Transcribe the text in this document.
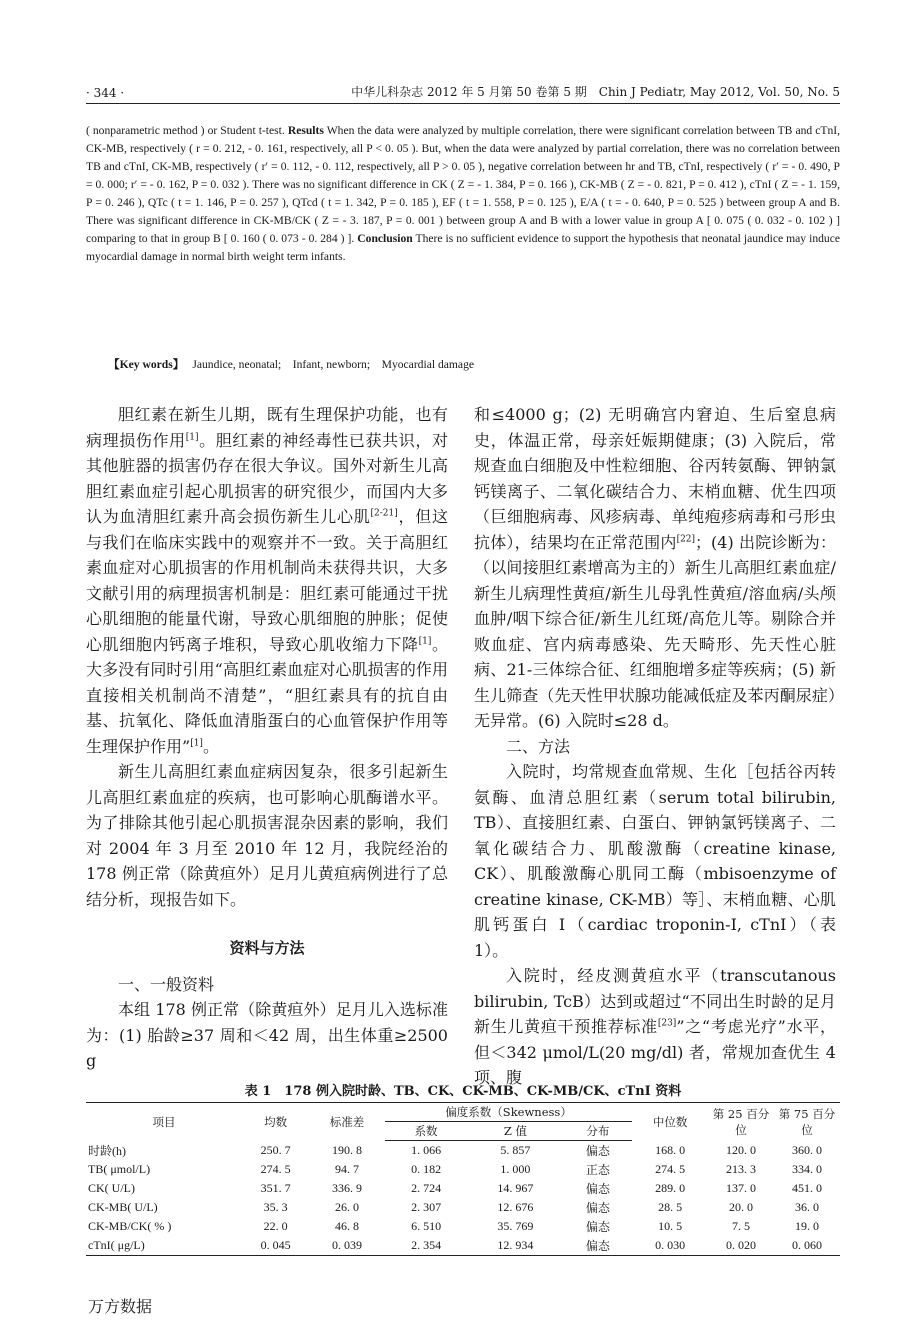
· 344 ·	中华儿科杂志 2012 年 5 月第 50 卷第 5 期　Chin J Pediatr, May 2012, Vol. 50, No. 5
( nonparametric method ) or Student t-test. Results When the data were analyzed by multiple correlation, there were significant correlation between TB and cTnI, CK-MB, respectively ( r = 0. 212, - 0. 161, respectively, all P < 0. 05 ). But, when the data were analyzed by partial correlation, there was no correlation between TB and cTnI, CK-MB, respectively ( r′ = 0. 112, - 0. 112, respectively, all P > 0. 05 ), negative correlation between hr and TB, cTnI, respectively ( r′ = - 0. 490, P = 0. 000; r′ = - 0. 162, P = 0. 032 ). There was no significant difference in CK ( Z = - 1. 384, P = 0. 166 ), CK-MB ( Z = - 0. 821, P = 0. 412 ), cTnI ( Z = - 1. 159, P = 0. 246 ), QTc ( t = 1. 146, P = 0. 257 ), QTcd ( t = 1. 342, P = 0. 185 ), EF ( t = 1. 558, P = 0. 125 ), E/A ( t = - 0. 640, P = 0. 525 ) between group A and B. There was significant difference in CK-MB/CK ( Z = - 3. 187, P = 0. 001 ) between group A and B with a lower value in group A [ 0. 075 ( 0. 032 - 0. 102 ) ] comparing to that in group B [ 0. 160 ( 0. 073 - 0. 284 ) ]. Conclusion There is no sufficient evidence to support the hypothesis that neonatal jaundice may induce myocardial damage in normal birth weight term infants.
【Key words】 Jaundice, neonatal;　Infant, newborn;　Myocardial damage

胆红素在新生儿期，既有生理保护功能，也有病理损伤作用[1]。胆红素的神经毒性已获共识，对其他脏器的损害仍存在很大争议。国外对新生儿高胆红素血症引起心肌损害的研究很少，而国内大多认为血清胆红素升高会损伤新生儿心肌[2-21]，但这与我们在临床实践中的观察并不一致。关于高胆红素血症对心肌损害的作用机制尚未获得共识，大多文献引用的病理损害机制是：胆红素可能通过干扰心肌细胞的能量代谢，导致心肌细胞的肿胀；促使心肌细胞内钙离子堆积，导致心肌收缩力下降[1]。大多没有同时引用“高胆红素血症对心肌损害的作用直接相关机制尚不清楚”，“胆红素具有的抗自由基、抗氧化、降低血清脂蛋白的心血管保护作用等生理保护作用”[1]。

新生儿高胆红素血症病因复杂，很多引起新生儿高胆红素血症的疾病，也可影响心肌酶谱水平。为了排除其他引起心肌损害混杂因素的影响，我们对 2004 年 3 月至 2010 年 12 月，我院经治的 178 例正常（除黄疸外）足月儿黄疸病例进行了总结分析，现报告如下。

资料与方法

一、一般资料

本组 178 例正常（除黄疸外）足月儿入选标准为：(1) 胎龄≥37 周和＜42 周，出生体重≥2500 g

和≤4000 g；(2) 无明确宫内窘迫、生后窒息病史，体温正常，母亲妊娠期健康；(3) 入院后，常规查血白细胞及中性粒细胞、谷丙转氨酶、钾钠氯钙镁离子、二氧化碳结合力、末梢血糖、优生四项（巨细胞病毒、风疹病毒、单纯疱疹病毒和弓形虫抗体），结果均在正常范围内[22]；(4) 出院诊断为：（以间接胆红素增高为主的）新生儿高胆红素血症/新生儿病理性黄疸/新生儿母乳性黄疸/溶血病/头颅血肿/咽下综合征/新生儿红斑/高危儿等。剔除合并败血症、宫内病毒感染、先天畸形、先天性心脏病、21-三体综合征、红细胞增多症等疾病；(5) 新生儿筛查（先天性甲状腺功能减低症及苯丙酮尿症）无异常。(6) 入院时≤28 d。

二、方法

入院时，均常规查血常规、生化［包括谷丙转氨酶、血清总胆红素（serum total bilirubin, TB）、直接胆红素、白蛋白、钾钠氯钙镁离子、二氧化碳结合力、肌酸激酶（creatine kinase, CK）、肌酸激酶心肌同工酶（mbisoenzyme of creatine kinase, CK-MB）等］、末梢血糖、心肌肌钙蛋白 I（cardiac troponin-I, cTnI）（表 1）。

入院时，经皮测黄疸水平（transcutanous bilirubin, TcB）达到或超过“不同出生时龄的足月新生儿黄疸干预推荐标准[23]”之“考虑光疗”水平，但＜342 μmol/L(20 mg/dl) 者，常规加查优生 4 项、腹

表 1　178 例入院时龄、TB、CK、CK-MB、CK-MB/CK、cTnI 资料
项目	均数	标准差	偏度系数（Skewness）			中位数	第 25 百分位	第 75 百分位
			系数	Z 值	分布			
时龄(h)	250. 7	190. 8	1. 066	5. 857	偏态	168. 0	120. 0	360. 0
TB( μmol/L)	274. 5	94. 7	0. 182	1. 000	正态	274. 5	213. 3	334. 0
CK( U/L)	351. 7	336. 9	2. 724	14. 967	偏态	289. 0	137. 0	451. 0
CK-MB( U/L)	35. 3	26. 0	2. 307	12. 676	偏态	28. 5	20. 0	36. 0
CK-MB/CK( % )	22. 0	46. 8	6. 510	35. 769	偏态	10. 5	7. 5	19. 0
cTnI( μg/L)	0. 045	0. 039	2. 354	12. 934	偏态	0. 030	0. 020	0. 060
万方数据
